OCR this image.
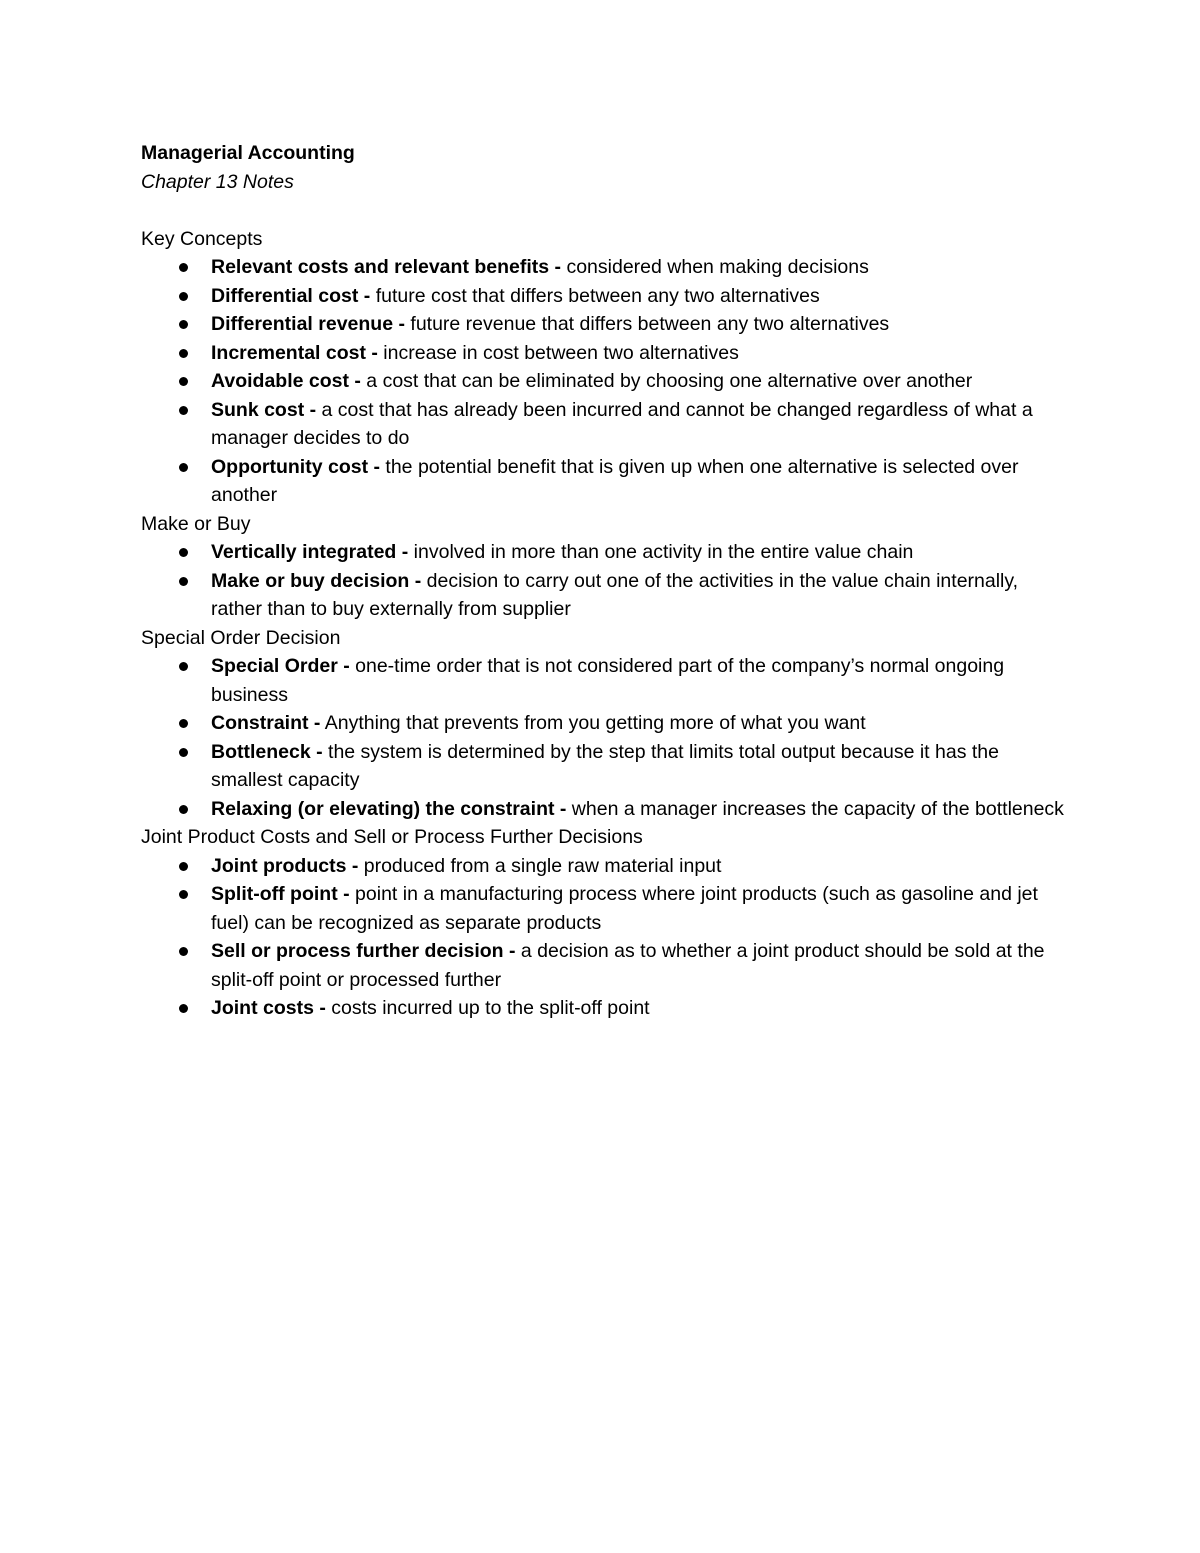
Managerial Accounting

Chapter 13 Notes

Key Concepts

Relevant costs and relevant benefits - considered when making decisions
Differential cost - future cost that differs between any two alternatives
Differential revenue - future revenue that differs between any two alternatives
Incremental cost - increase in cost between two alternatives
Avoidable cost - a cost that can be eliminated by choosing one alternative over another
Sunk cost - a cost that has already been incurred and cannot be changed regardless of what a manager decides to do
Opportunity cost - the potential benefit that is given up when one alternative is selected over another

Make or Buy

Vertically integrated - involved in more than one activity in the entire value chain
Make or buy decision - decision to carry out one of the activities in the value chain internally, rather than to buy externally from supplier

Special Order Decision

Special Order - one-time order that is not considered part of the company’s normal ongoing business
Constraint - Anything that prevents from you getting more of what you want
Bottleneck - the system is determined by the step that limits total output because it has the smallest capacity
Relaxing (or elevating) the constraint - when a manager increases the capacity of the bottleneck

Joint Product Costs and Sell or Process Further Decisions

Joint products - produced from a single raw material input
Split-off point - point in a manufacturing process where joint products (such as gasoline and jet fuel) can be recognized as separate products
Sell or process further decision - a decision as to whether a joint product should be sold at the split-off point or processed further
Joint costs - costs incurred up to the split-off point
